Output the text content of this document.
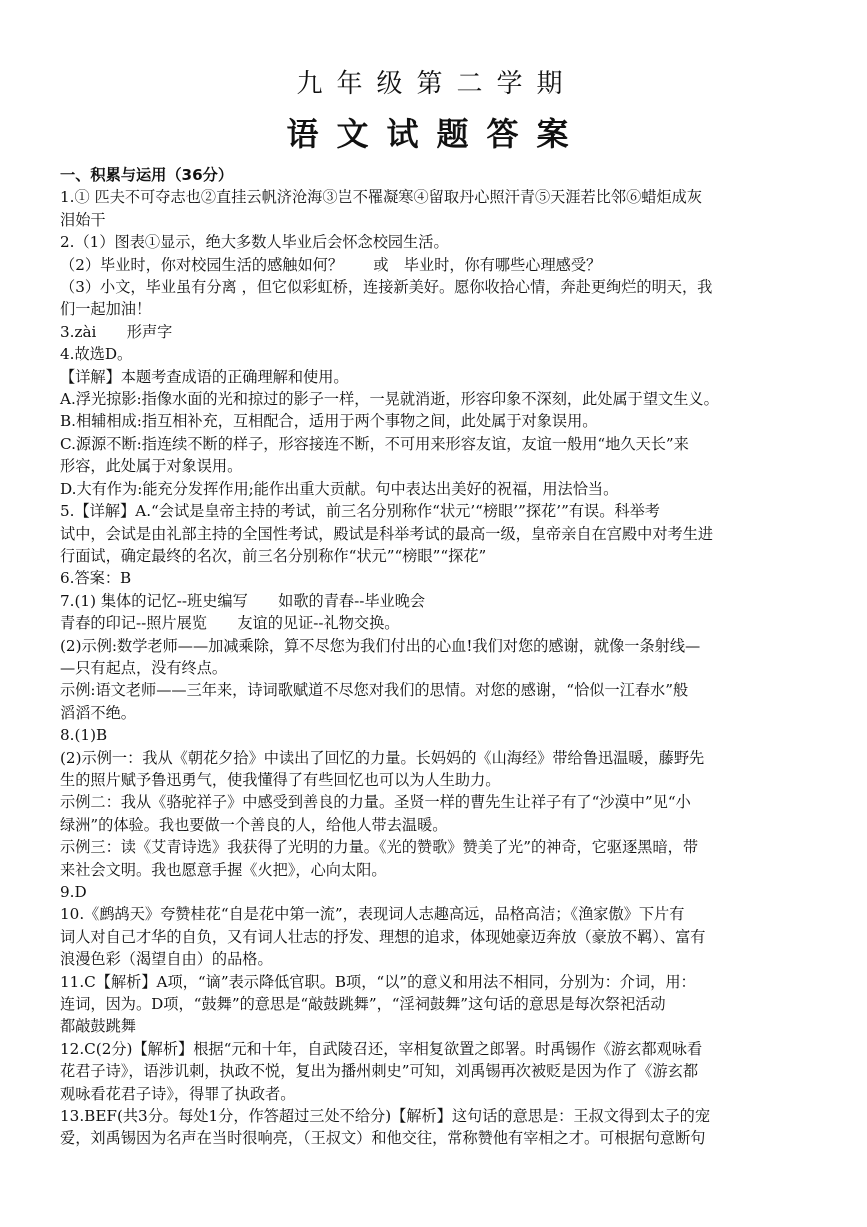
九年级第二学期
语文试题答案
一、积累与运用（36分）
1.① 匹夫不可夺志也②直挂云帆济沧海③岂不罹凝寒④留取丹心照汗青⑤天涯若比邻⑥蜡炬成灰
泪始干
2.（1）图表①显示，绝大多数人毕业后会怀念校园生活。
（2）毕业时，你对校园生活的感触如何？　　或　毕业时，你有哪些心理感受？
（3）小文，毕业虽有分离 ，但它似彩虹桥，连接新美好。愿你收拾心情，奔赴更绚烂的明天，我
们一起加油！
3.zài　　形声字
4.故选D。
【详解】本题考查成语的正确理解和使用。
A.浮光掠影:指像水面的光和掠过的影子一样，一晃就消逝，形容印象不深刻，此处属于望文生义。
B.相辅相成:指互相补充，互相配合，适用于两个事物之间，此处属于对象误用。
C.源源不断:指连续不断的样子，形容接连不断，不可用来形容友谊，友谊一般用“地久天长”来
形容，此处属于对象误用。
D.大有作为:能充分发挥作用;能作出重大贡献。句中表达出美好的祝福，用法恰当。
5.【详解】A.“会试是皇帝主持的考试，前三名分别称作“状元’“榜眼’”探花’”有误。科举考
试中，会试是由礼部主持的全国性考试，殿试是科举考试的最高一级，皇帝亲自在宫殿中对考生进
行面试，确定最终的名次，前三名分别称作“状元”“榜眼”“探花”
6.答案：B
7.(1) 集体的记忆--班史编写　　如歌的青春--毕业晚会
青春的印记--照片展览　　友谊的见证--礼物交换。
(2)示例:数学老师——加减乘除，算不尽您为我们付出的心血!我们对您的感谢，就像一条射线—
—只有起点，没有终点。
示例:语文老师——三年来，诗词歌赋道不尽您对我们的思情。对您的感谢，“恰似一江春水”般
滔滔不绝。
8.(1)B
(2)示例一：我从《朝花夕拾》中读出了回忆的力量。长妈妈的《山海经》带给鲁迅温暖，藤野先
生的照片赋予鲁迅勇气，使我懂得了有些回忆也可以为人生助力。
示例二：我从《骆驼祥子》中感受到善良的力量。圣贤一样的曹先生让祥子有了“沙漠中”见“小
绿洲”的体验。我也要做一个善良的人，给他人带去温暖。
示例三：读《艾青诗选》我获得了光明的力量。《光的赞歌》赞美了光”的神奇，它驱逐黑暗，带
来社会文明。我也愿意手握《火把》，心向太阳。
9.D
10.《鹧鸪天》夸赞桂花“自是花中第一流”，表现词人志趣高远，品格高洁；《渔家傲》下片有
词人对自己才华的自负，又有词人壮志的抒发、理想的追求，体现她豪迈奔放（豪放不羁）、富有
浪漫色彩（渴望自由）的品格。
11.C【解析】A项，“谪”表示降低官职。B项，“以”的意义和用法不相同，分别为：介词，用：
连词，因为。D项，“鼓舞”的意思是“敲鼓跳舞”，“淫祠鼓舞”这句话的意思是每次祭祀活动
都敲鼓跳舞
12.C(2分)【解析】根据“元和十年，自武陵召还，宰相复欲置之郎署。时禹锡作《游玄都观咏看
花君子诗》，语涉讥刺，执政不悦，复出为播州刺史”可知，刘禹锡再次被贬是因为作了《游玄都
观咏看花君子诗》，得罪了执政者。
13.BEF(共3分。每处1分，作答超过三处不给分)【解析】这句话的意思是：王叔文得到太子的宠
爱，刘禹锡因为名声在当时很响亮，（王叔文）和他交往，常称赞他有宰相之才。可根据句意断句
